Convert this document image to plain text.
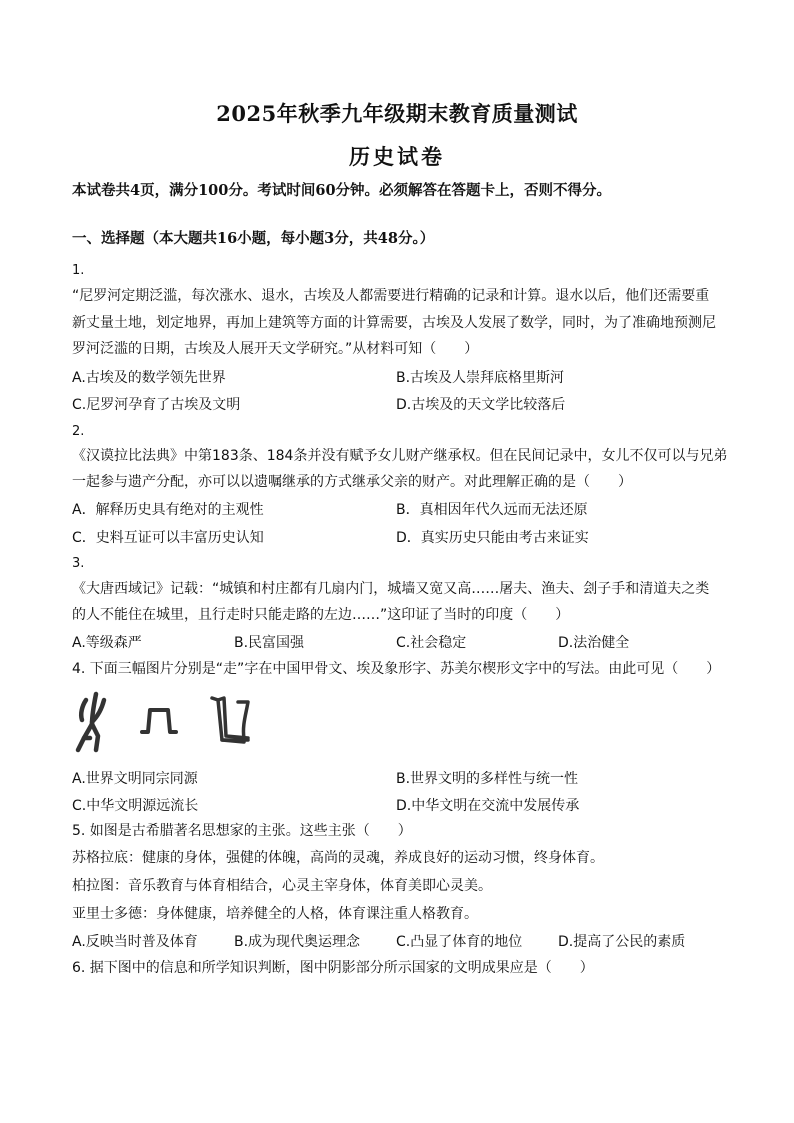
2025年秋季九年级期末教育质量测试
历史试卷
本试卷共4页，满分100分。考试时间60分钟。必须解答在答题卡上，否则不得分。
一、选择题（本大题共16小题，每小题3分，共48分。）
1.
“尼罗河定期泛滥，每次涨水、退水，古埃及人都需要进行精确的记录和计算。退水以后，他们还需要重
新丈量土地，划定地界，再加上建筑等方面的计算需要，古埃及人发展了数学，同时，为了准确地预测尼
罗河泛滥的日期，古埃及人展开天文学研究。”从材料可知（　　）
A.古埃及的数学领先世界	B.古埃及人崇拜底格里斯河
C.尼罗河孕育了古埃及文明	D.古埃及的天文学比较落后
2.
《汉谟拉比法典》中第183条、184条并没有赋予女儿财产继承权。但在民间记录中，女儿不仅可以与兄弟
一起参与遗产分配，亦可以以遗嘱继承的方式继承父亲的财产。对此理解正确的是（　　）
A．解释历史具有绝对的主观性	B．真相因年代久远而无法还原
C．史料互证可以丰富历史认知	D．真实历史只能由考古来证实
3.
《大唐西域记》记载：“城镇和村庄都有几扇内门，城墙又宽又高……屠夫、渔夫、刽子手和清道夫之类
的人不能住在城里，且行走时只能走路的左边……”这印证了当时的印度（　　）
A.等级森严	B.民富国强	C.社会稳定	D.法治健全
4. 下面三幅图片分别是“走”字在中国甲骨文、埃及象形字、苏美尔楔形文字中的写法。由此可见（　　）
A.世界文明同宗同源	B.世界文明的多样性与统一性
C.中华文明源远流长	D.中华文明在交流中发展传承
5. 如图是古希腊著名思想家的主张。这些主张（　　）
苏格拉底：健康的身体，强健的体魄，高尚的灵魂，养成良好的运动习惯，终身体育。
柏拉图：音乐教育与体育相结合，心灵主宰身体，体育美即心灵美。
亚里士多德：身体健康，培养健全的人格，体育课注重人格教育。
A.反映当时普及体育	B.成为现代奥运理念	C.凸显了体育的地位	D.提高了公民的素质
6. 据下图中的信息和所学知识判断，图中阴影部分所示国家的文明成果应是（　　）
